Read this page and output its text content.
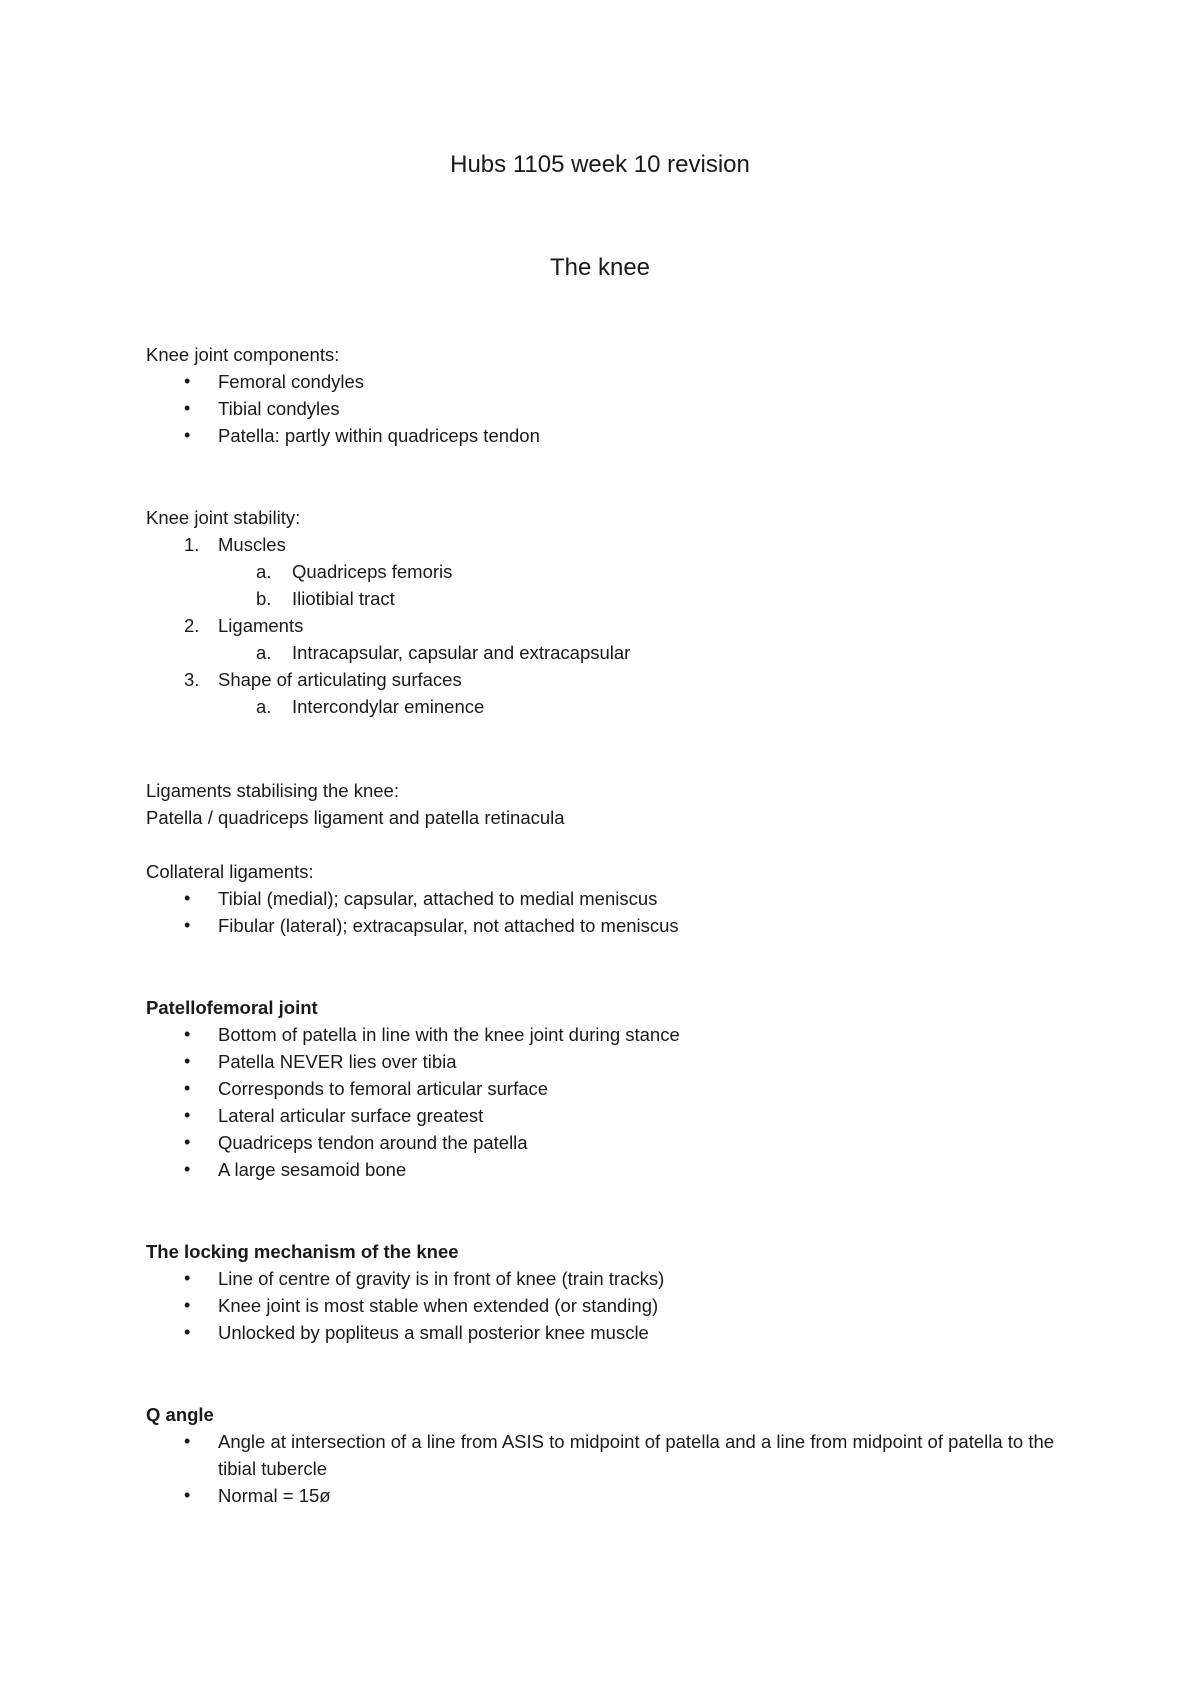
Hubs 1105 week 10 revision
The knee
Knee joint components:
• Femoral condyles
• Tibial condyles
• Patella: partly within quadriceps tendon
Knee joint stability:
1. Muscles
a. Quadriceps femoris
b. Iliotibial tract
2. Ligaments
a. Intracapsular, capsular and extracapsular
3. Shape of articulating surfaces
a. Intercondylar eminence
Ligaments stabilising the knee:
Patella / quadriceps ligament and patella retinacula
Collateral ligaments:
• Tibial (medial); capsular, attached to medial meniscus
• Fibular (lateral); extracapsular, not attached to meniscus
Patellofemoral joint
• Bottom of patella in line with the knee joint during stance
• Patella NEVER lies over tibia
• Corresponds to femoral articular surface
• Lateral articular surface greatest
• Quadriceps tendon around the patella
• A large sesamoid bone
The locking mechanism of the knee
• Line of centre of gravity is in front of knee (train tracks)
• Knee joint is most stable when extended (or standing)
• Unlocked by popliteus a small posterior knee muscle
Q angle
• Angle at intersection of a line from ASIS to midpoint of patella and a line from midpoint of patella to the tibial tubercle
• Normal = 15ø
